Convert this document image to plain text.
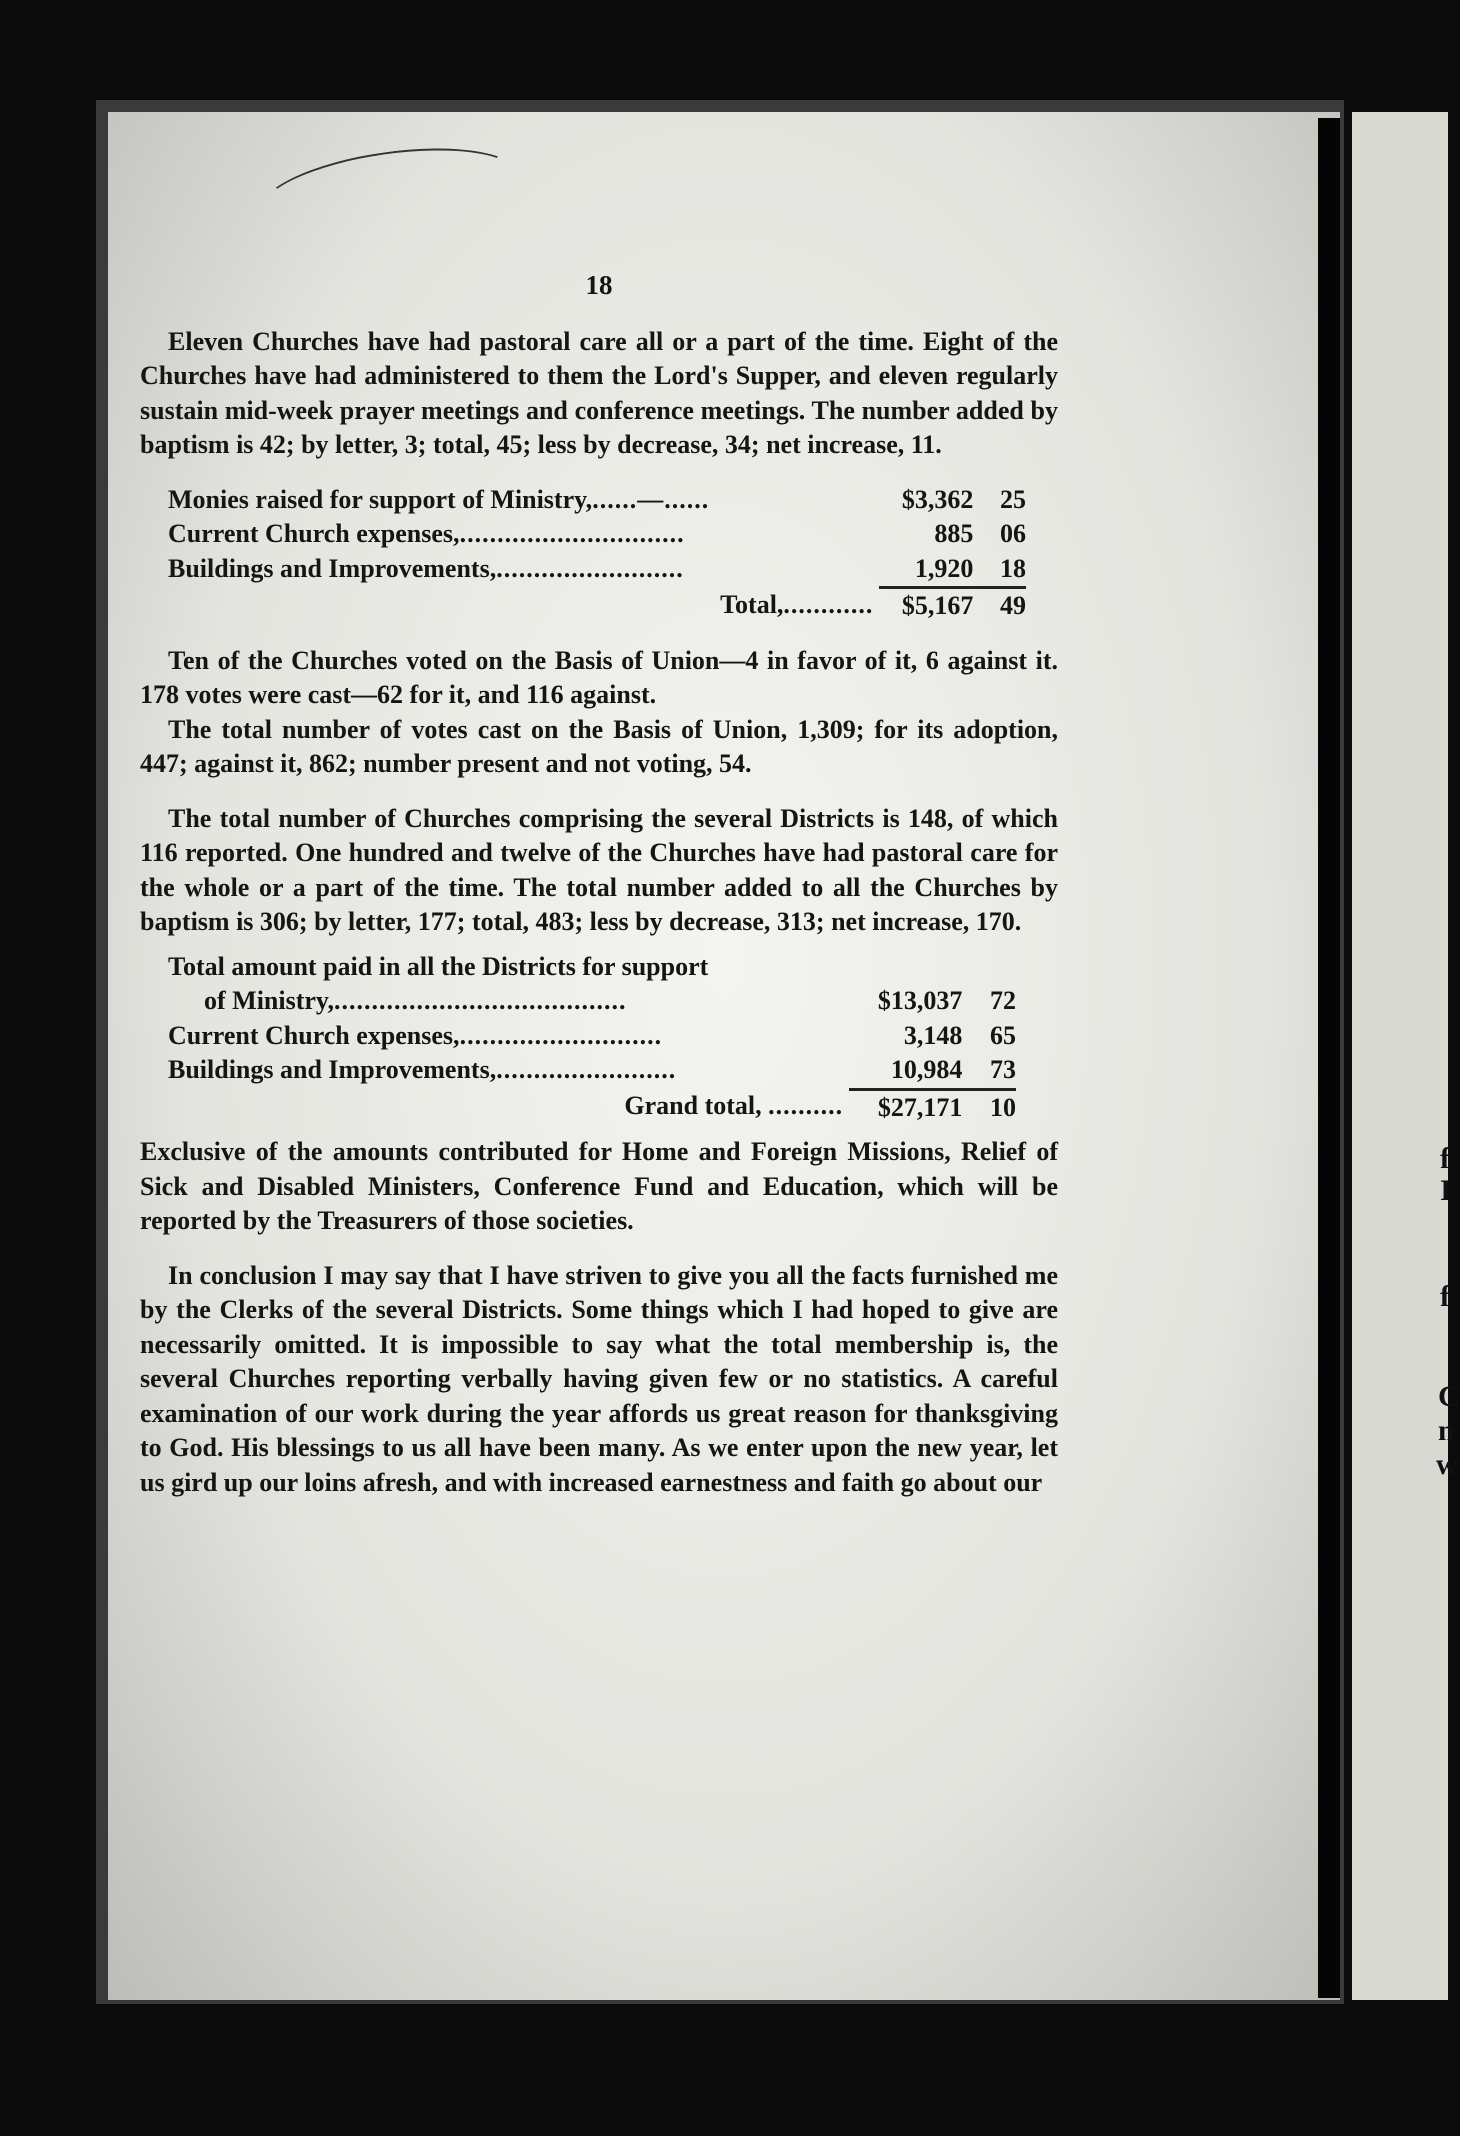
f
I
f
C
n
w
18

Eleven Churches have had pastoral care all or a part of the time. Eight of the Churches have had administered to them the Lord's Supper, and eleven regularly sustain mid-week prayer meetings and conference meetings. The number added by baptism is 42; by letter, 3; total, 45; less by decrease, 34; net increase, 11.

Monies raised for support of Ministry,......—......	$3,362	25
Current Church expenses,..............................	885	06
Buildings and Improvements,.........................	1,920	18
Total,............	$5,167	49

Ten of the Churches voted on the Basis of Union—4 in favor of it, 6 against it. 178 votes were cast—62 for it, and 116 against.

The total number of votes cast on the Basis of Union, 1,309; for its adoption, 447; against it, 862; number present and not voting, 54.

The total number of Churches comprising the several Districts is 148, of which 116 reported. One hundred and twelve of the Churches have had pastoral care for the whole or a part of the time. The total number added to all the Churches by baptism is 306; by letter, 177; total, 483; less by decrease, 313; net increase, 170.

Total amount paid in all the Districts for support
of Ministry,.......................................	$13,037	72
Current Church expenses,...........................	3,148	65
Buildings and Improvements,........................	10,984	73
Grand total, ..........	$27,171	10

Exclusive of the amounts contributed for Home and Foreign Missions, Relief of Sick and Disabled Ministers, Conference Fund and Education, which will be reported by the Treasurers of those societies.

In conclusion I may say that I have striven to give you all the facts furnished me by the Clerks of the several Districts. Some things which I had hoped to give are necessarily omitted. It is impossible to say what the total membership is, the several Churches reporting verbally having given few or no statistics. A careful examination of our work during the year affords us great reason for thanksgiving to God. His blessings to us all have been many. As we enter upon the new year, let us gird up our loins afresh, and with increased earnestness and faith go about our
